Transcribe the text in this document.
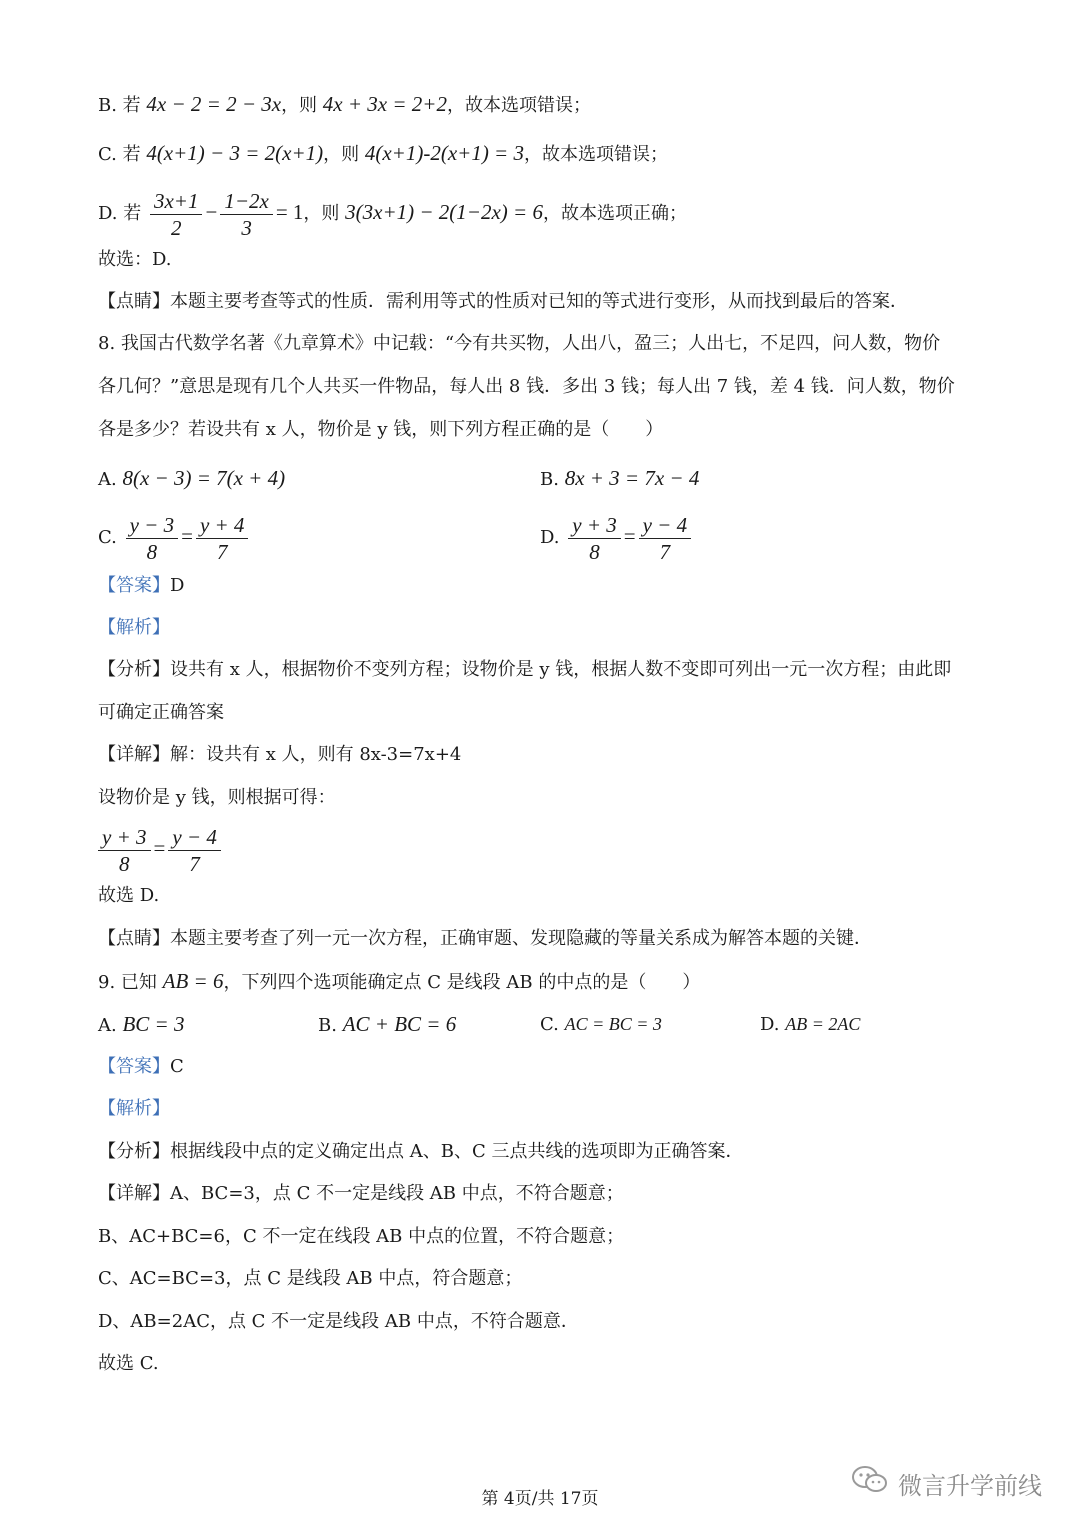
B. 若 4x − 2 = 2 − 3x，则 4x + 3x = 2+2，故本选项错误；
C. 若 4(x+1) − 3 = 2(x+1)，则 4(x+1)-2(x+1) = 3，故本选项错误；
D. 若 $\frac{3x+1}{2} - \frac{1-2x}{3} = 1$，则 3(3x+1) − 2(1−2x) = 6，故本选项正确；
故选：D.
【点睛】本题主要考查等式的性质．需利用等式的性质对已知的等式进行变形，从而找到最后的答案．
8. 我国古代数学名著《九章算术》中记载：“今有共买物，人出八，盈三；人出七，不足四，问人数，物价
各几何？”意思是现有几个人共买一件物品，每人出 8 钱．多出 3 钱；每人出 7 钱，差 4 钱．问人数，物价
各是多少？若设共有 x 人，物价是 y 钱，则下列方程正确的是（　　）
A. 8(x − 3) = 7(x + 4)	B. 8x + 3 = 7x − 4
C. $\frac{y - 3}{8} = \frac{y + 4}{7}$	D. $\frac{y + 3}{8} = \frac{y - 4}{7}$
【答案】D
【解析】
【分析】设共有 x 人，根据物价不变列方程；设物价是 y 钱，根据人数不变即可列出一元一次方程；由此即
可确定正确答案
【详解】解：设共有 x 人，则有 8x-3=7x+4
设物价是 y 钱，则根据可得：
$\frac{y + 3}{8} = \frac{y - 4}{7}$
故选 D.
【点睛】本题主要考查了列一元一次方程，正确审题、发现隐藏的等量关系成为解答本题的关键．
9. 已知 AB = 6，下列四个选项能确定点 C 是线段 AB 的中点的是（　　）
A. BC = 3	B. AC + BC = 6	C. AC = BC = 3	D. AB = 2AC
【答案】C
【解析】
【分析】根据线段中点的定义确定出点 A、B、C 三点共线的选项即为正确答案．
【详解】A、BC=3，点 C 不一定是线段 AB 中点，不符合题意；
B、AC+BC=6，C 不一定在线段 AB 中点的位置，不符合题意；
C、AC=BC=3，点 C 是线段 AB 中点，符合题意；
D、AB=2AC，点 C 不一定是线段 AB 中点，不符合题意．
故选 C.
第 4页/共 17页	微言升学前线
